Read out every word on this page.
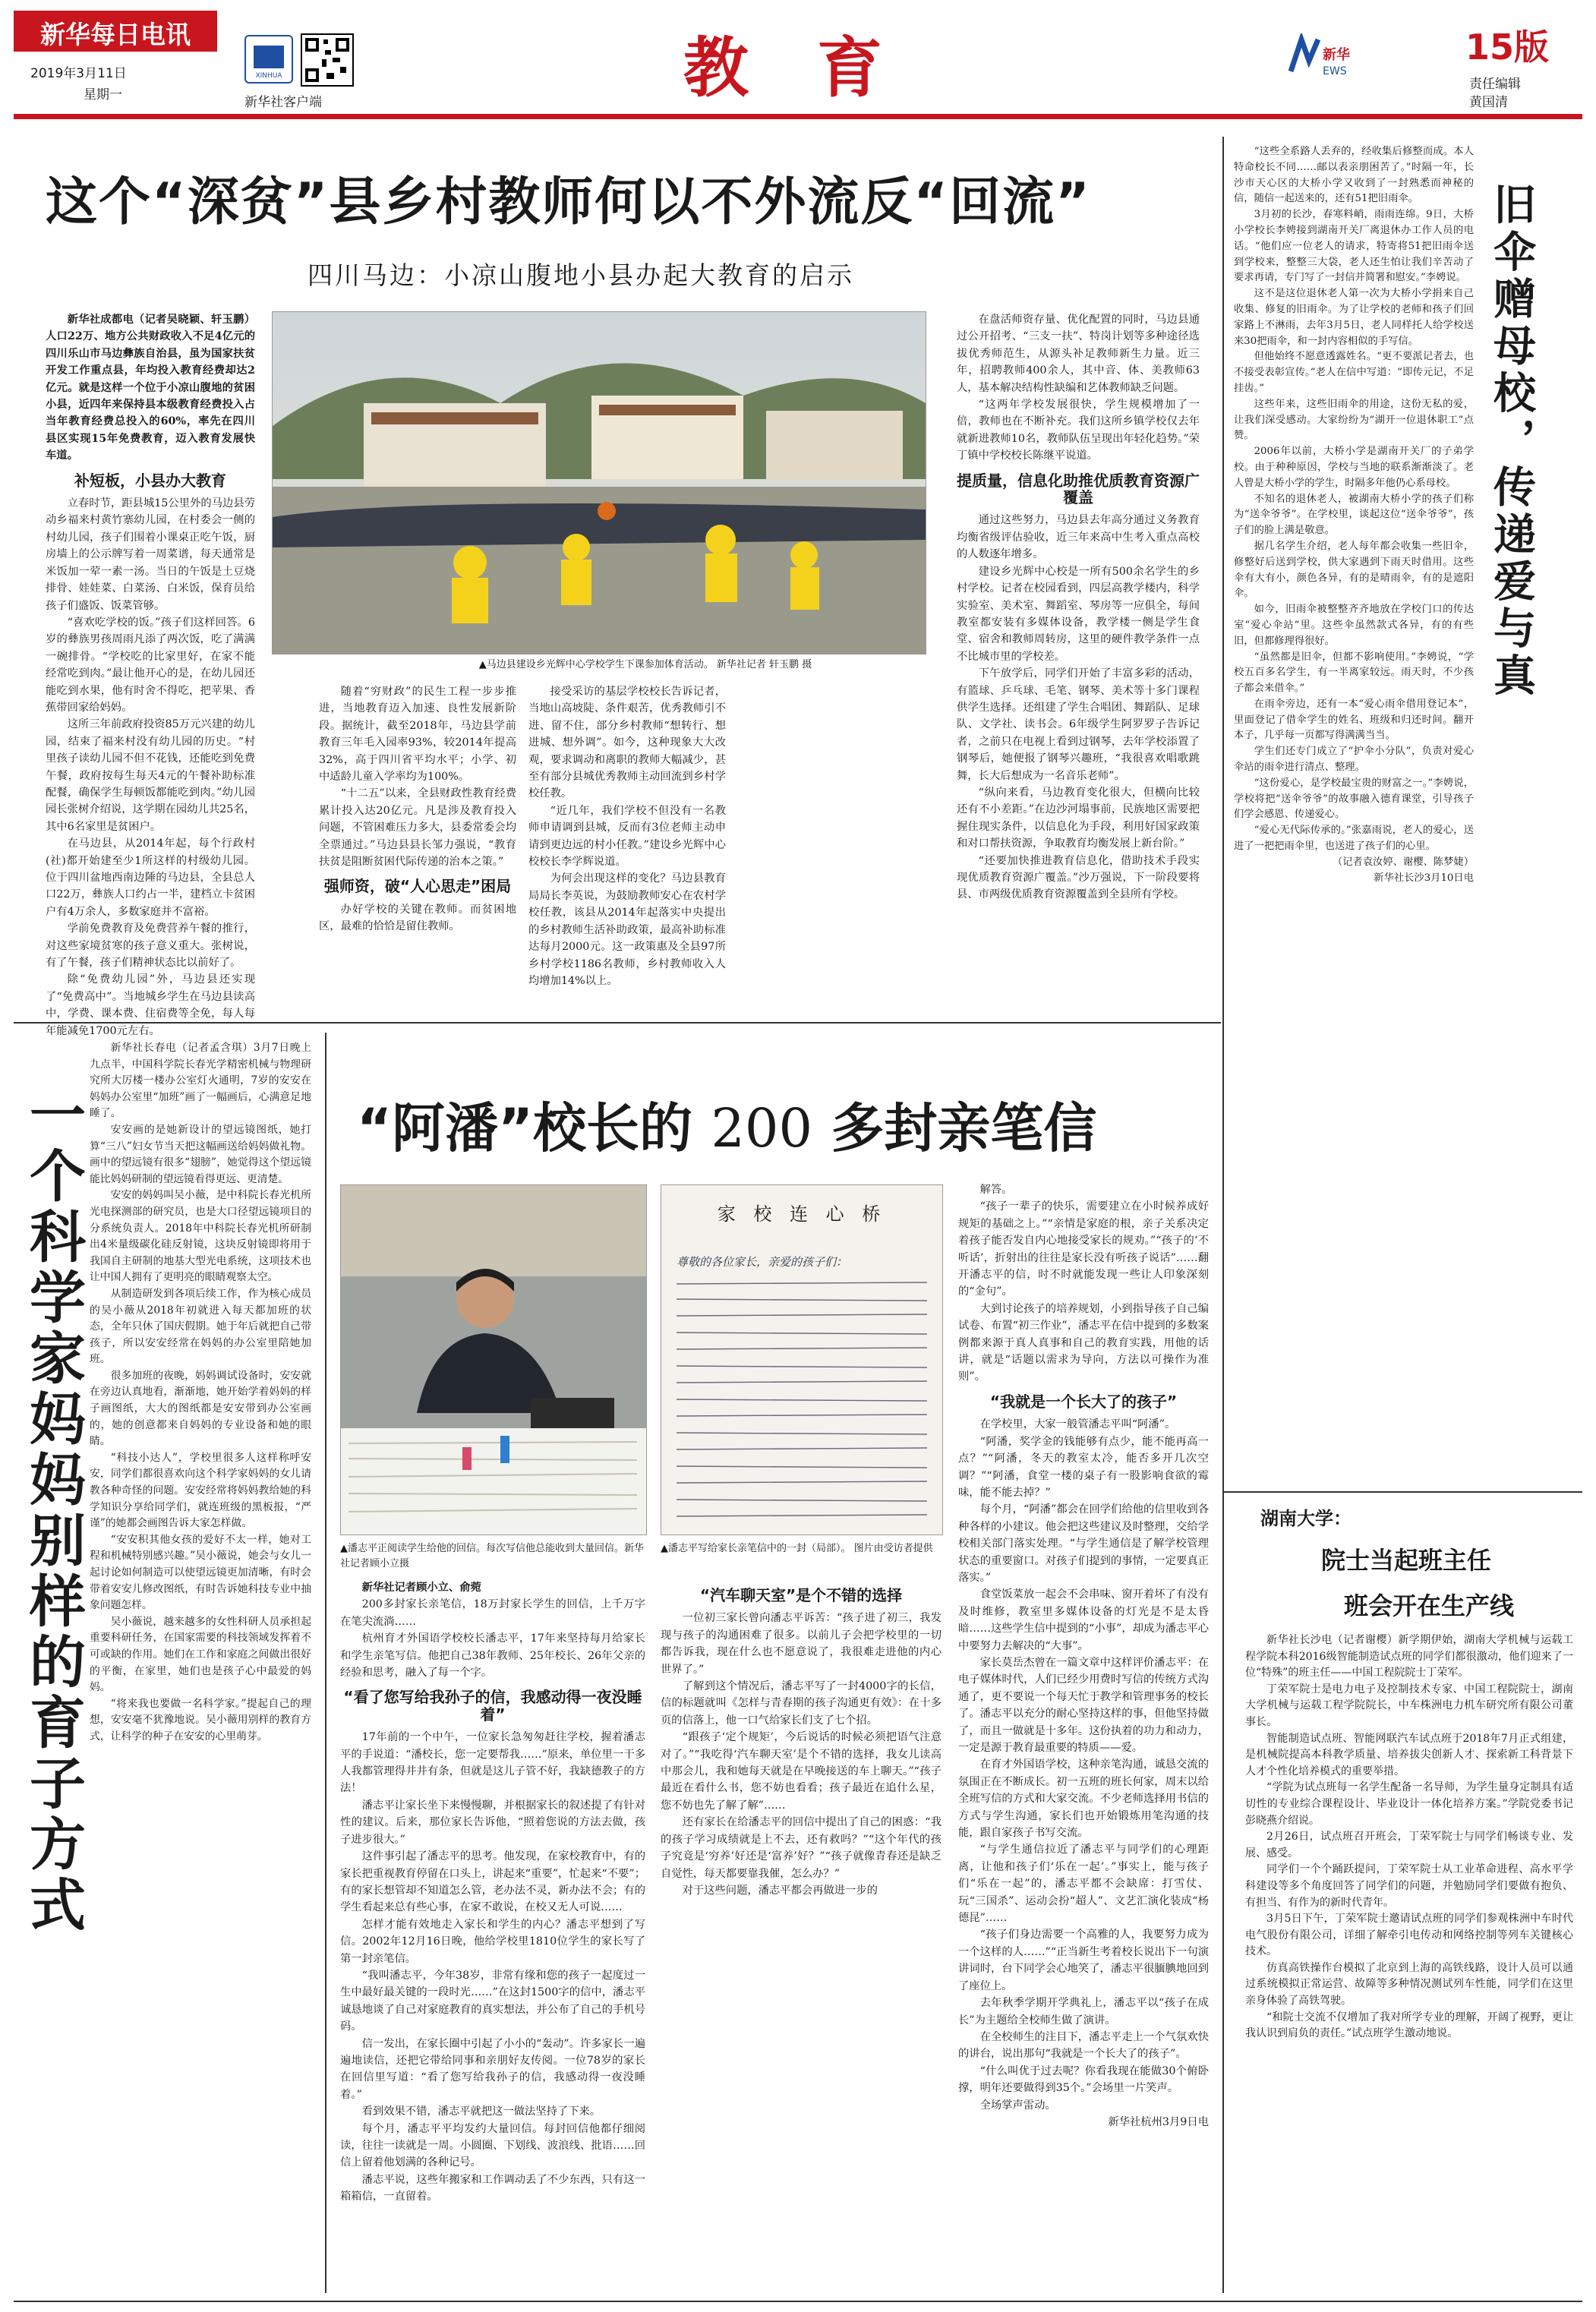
新华每日电讯
2019年3月11日
星期一
XINHUA
新华社客户端	教 育	新华
EWS
15版
责任编辑
黄国清
这个“深贫”县乡村教师何以不外流反“回流”
四川马边：小凉山腹地小县办起大教育的启示

新华社成都电（记者吴晓颖、轩玉鹏）人口22万、地方公共财政收入不足4亿元的四川乐山市马边彝族自治县，虽为国家扶贫开发工作重点县，年均投入教育经费却达2亿元。就是这样一个位于小凉山腹地的贫困小县，近四年来保持县本级教育经费投入占当年教育经费总投入的60%，率先在四川县区实现15年免费教育，迈入教育发展快车道。

补短板，小县办大教育

立春时节，距县城15公里外的马边县劳动乡福来村黄竹寨幼儿园，在村委会一侧的村幼儿园，孩子们围着小课桌正吃午饭，厨房墙上的公示牌写着一周菜谱，每天通常是米饭加一荤一素一汤。当日的午饭是土豆烧排骨、娃娃菜、白菜汤、白米饭，保育员给孩子们盛饭、饭菜管够。

“喜欢吃学校的饭。”孩子们这样回答。6岁的彝族男孩周雨凡添了两次饭，吃了满满一碗排骨。“学校吃的比家里好，在家不能经常吃到肉。”最让他开心的是，在幼儿园还能吃到水果，他有时舍不得吃，把苹果、香蕉带回家给妈妈。

这所三年前政府投资85万元兴建的幼儿园，结束了福来村没有幼儿园的历史。“村里孩子读幼儿园不但不花钱，还能吃到免费午餐，政府按每生每天4元的午餐补助标准配餐，确保学生每顿饭都能吃到肉。”幼儿园园长张树介绍说，这学期在园幼儿共25名，其中6名家里是贫困户。

在马边县，从2014年起，每个行政村(社)都开始建至少1所这样的村级幼儿园。位于四川盆地西南边陲的马边县，全县总人口22万，彝族人口约占一半，建档立卡贫困户有4万余人，多数家庭并不富裕。

学前免费教育及免费营养午餐的推行，对这些家境贫寒的孩子意义重大。张树说，有了午餐，孩子们精神状态比以前好了。

除“免费幼儿园”外，马边县还实现了“免费高中”。当地城乡学生在马边县读高中，学费、课本费、住宿费等全免，每人每年能减免1700元左右。

▲马边县建设乡光辉中心学校学生下课参加体育活动。 新华社记者 轩玉鹏 摄

随着“穷财政”的民生工程一步步推进，当地教育迈入加速、良性发展新阶段。据统计，截至2018年，马边县学前教育三年毛入园率93%，较2014年提高32%，高于四川省平均水平；小学、初中适龄儿童入学率均为100%。

“十二五”以来，全县财政性教育经费累计投入达20亿元。凡是涉及教育投入问题，不管困难压力多大，县委常委会均全票通过。”马边县县长邹力强说，“教育扶贫是阻断贫困代际传递的治本之策。”

强师资，破“人心思走”困局

办好学校的关键在教师。而贫困地区，最难的恰恰是留住教师。

接受采访的基层学校校长告诉记者，当地山高坡陡、条件艰苦，优秀教师引不进、留不住，部分乡村教师“想转行、想进城、想外调”。如今，这种现象大大改观，要求调动和离职的教师大幅减少，甚至有部分县城优秀教师主动回流到乡村学校任教。

“近几年，我们学校不但没有一名教师申请调到县城，反而有3位老师主动申请到更边远的村小任教。”建设乡光辉中心校校长李学辉说道。

为何会出现这样的变化？马边县教育局局长李英说，为鼓励教师安心在农村学校任教，该县从2014年起落实中央提出的乡村教师生活补助政策，最高补助标准达每月2000元。这一政策惠及全县97所乡村学校1186名教师，乡村教师收入人均增加14%以上。

在盘活师资存量、优化配置的同时，马边县通过公开招考、“三支一扶”、特岗计划等多种途径选拔优秀师范生，从源头补足教师新生力量。近三年，招聘教师400余人，其中音、体、美教师63人，基本解决结构性缺编和艺体教师缺乏问题。

“这两年学校发展很快，学生规模增加了一倍，教师也在不断补充。我们这所乡镇学校仅去年就新进教师10名，教师队伍呈现出年轻化趋势。”荣丁镇中学校校长陈继平说道。

提质量，信息化助推优质教育资源广覆盖

通过这些努力，马边县去年高分通过义务教育均衡省级评估验收，近三年来高中生考入重点高校的人数逐年增多。

建设乡光辉中心校是一所有500余名学生的乡村学校。记者在校园看到，四层高教学楼内，科学实验室、美术室、舞蹈室、琴房等一应俱全，每间教室都安装有多媒体设备，教学楼一侧是学生食堂、宿舍和教师周转房，这里的硬件教学条件一点不比城市里的学校差。

下午放学后，同学们开始了丰富多彩的活动，有篮球、乒乓球、毛笔、钢琴、美术等十多门课程供学生选择。还组建了学生合唱团、舞蹈队、足球队、文学社、读书会。6年级学生阿罗罗子告诉记者，之前只在电视上看到过钢琴，去年学校添置了钢琴后，她便报了钢琴兴趣班，“我很喜欢唱歌跳舞，长大后想成为一名音乐老师”。

“纵向来看，马边教育变化很大，但横向比较还有不小差距。”在边沙河塌事前，民族地区需要把握住现实条件，以信息化为手段，利用好国家政策和对口帮扶资源，争取教育均衡发展上新台阶。”

“还要加快推进教育信息化，借助技术手段实现优质教育资源广覆盖。”沙万强说，下一阶段要将县、市两级优质教育资源覆盖到全县所有学校。

旧伞赠母校，传递爱与真

“这些全系路人丢弃的，经收集后修整而成。本人特命校长不同……邮以表亲朋困苦了。”时隔一年，长沙市天心区的大桥小学又收到了一封熟悉而神秘的信，随信一起送来的，还有51把旧雨伞。

3月初的长沙，春寒料峭，雨雨连绵。9日，大桥小学校长李娉接到湖南开关厂离退休办工作人员的电话。“他们应一位老人的请求，特寄将51把旧雨伞送到学校来，整整三大袋，老人还生怕让我们辛苦动了要求再请，专门写了一封信并简署和慰安。”李娉说。

这不是这位退休老人第一次为大桥小学捐来自己收集、修复的旧雨伞。为了让学校的老师和孩子们回家路上不淋雨，去年3月5日，老人同样托人给学校送来30把雨伞，和一封内容相似的手写信。

但他始终不愿意透露姓名。“更不要派记者去，也不接受表彰宣传。”老人在信中写道：“即传元记，不足挂齿。”

这些年来，这些旧雨伞的用途，这份无私的爱，让我们深受感动。大家纷纷为“湖开一位退休职工”点赞。

2006年以前，大桥小学是湖南开关厂的子弟学校。由于种种原因，学校与当地的联系渐渐淡了。老人曾是大桥小学的学生，时隔多年他仍心系母校。

不知名的退休老人，被湖南大桥小学的孩子们称为“送伞爷爷”。在学校里，谈起这位“送伞爷爷”，孩子们的脸上满是敬意。

据几名学生介绍，老人每年都会收集一些旧伞，修整好后送到学校，供大家遇到下雨天时借用。这些伞有大有小，颜色各异，有的是晴雨伞，有的是遮阳伞。

如今，旧雨伞被整整齐齐地放在学校门口的传达室“爱心伞站”里。这些伞虽然款式各异，有的有些旧，但都修理得很好。

“虽然都是旧伞，但都不影响使用。”李娉说，“学校五百多名学生，有一半离家较远。雨天时，不少孩子都会来借伞。”

在雨伞旁边，还有一本“爱心雨伞借用登记本”，里面登记了借伞学生的姓名、班级和归还时间。翻开本子，几乎每一页都写得满满当当。

学生们还专门成立了“护伞小分队”，负责对爱心伞站的雨伞进行清点、整理。

“这份爱心，是学校最宝贵的财富之一。”李娉说，学校将把“送伞爷爷”的故事融入德育课堂，引导孩子们学会感恩、传递爱心。

“爱心无代际传承的。”张嘉雨说，老人的爱心，送进了一把把雨伞里，也送进了孩子们的心里。

（记者袁汝婷、谢樱、陈梦婕）

新华社长沙3月10日电

湖南大学：
院士当起班主任
班会开在生产线

新华社长沙电（记者谢樱）新学期伊始，湖南大学机械与运载工程学院本科2016级智能制造试点班的同学们都很激动，他们迎来了一位“特殊”的班主任——中国工程院院士丁荣军。

丁荣军院士是电力电子及控制技术专家、中国工程院院士，湖南大学机械与运载工程学院院长，中车株洲电力机车研究所有限公司董事长。

智能制造试点班、智能网联汽车试点班于2018年7月正式组建，是机械院提高本科教学质量、培养拔尖创新人才、探索新工科背景下人才个性化培养模式的重要举措。

“学院为试点班每一名学生配备一名导师，为学生量身定制具有适切性的专业综合课程设计、毕业设计一体化培养方案。”学院党委书记彭晓燕介绍说。

2月26日，试点班召开班会，丁荣军院士与同学们畅谈专业、发展、感受。

同学们一个个踊跃提问，丁荣军院士从工业革命进程、高水平学科建设等多个角度回答了同学们的问题，并勉励同学们要做有抱负、有担当、有作为的新时代青年。

3月5日下午，丁荣军院士邀请试点班的同学们参观株洲中车时代电气股份有限公司，详细了解牵引电传动和网络控制等列车关键核心技术。

仿真高铁操作台模拟了北京到上海的高铁线路，设计人员可以通过系统模拟正常运营、故障等多种情况测试列车性能，同学们在这里亲身体验了高铁驾驶。

“和院士交流不仅增加了我对所学专业的理解，开阔了视野，更让我认识到肩负的责任。”试点班学生激动地说。

一个科学家妈妈别样的育子方式

新华社长春电（记者孟含琪）3月7日晚上九点半，中国科学院长春光学精密机械与物理研究所大厉楼一楼办公室灯火通明，7岁的安安在妈妈办公室里“加班”画了一幅画后，心满意足地睡了。

安安画的是她新设计的望远镜图纸，她打算“三八”妇女节当天把这幅画送给妈妈做礼物。画中的望远镜有很多“翅膀”，她觉得这个望远镜能比妈妈研制的望远镜看得更远、更清楚。

安安的妈妈叫吴小薇，是中科院长春光机所光电探测部的研究员，也是大口径望远镜项目的分系统负责人。2018年中科院长春光机所研制出4米量级碳化硅反射镜，这块反射镜即将用于我国自主研制的地基大型光电系统，这项技术也让中国人拥有了更明亮的眼睛观察太空。

从制造研发到各项后续工作，作为核心成员的吴小薇从2018年初就进入每天都加班的状态，全年只休了国庆假期。她于年后就把自己带孩子，所以安安经常在妈妈的办公室里陪她加班。

很多加班的夜晚，妈妈调试设备时，安安就在旁边认真地看，渐渐地，她开始学着妈妈的样子画图纸，大大的图纸都是安安带到办公室画的，她的创意都来自妈妈的专业设备和她的眼睛。

“科技小达人”，学校里很多人这样称呼安安，同学们都很喜欢向这个科学家妈妈的女儿请教各种奇怪的问题。安安经常将妈妈教给她的科学知识分享给同学们，就连班级的黑板报，“严谨”的她都会画图告诉大家怎样做。

“安安积其他女孩的爱好不太一样，她对工程和机械特别感兴趣。”吴小薇说，她会与女儿一起讨论如何制造可以使望远镜更加清晰，有时会带着安安儿修改图纸，有时告诉她科技专业中抽象问题怎样。

吴小薇说，越来越多的女性科研人员承担起重要科研任务，在国家需要的科技领域发挥着不可或缺的作用。她们在工作和家庭之间做出很好的平衡，在家里，她们也是孩子心中最爱的妈妈。

“将来我也要做一名科学家。”提起自己的理想，安安毫不犹豫地说。吴小薇用别样的教育方式，让科学的种子在安安的心里萌芽。

“阿潘”校长的 200 多封亲笔信
▲潘志平正阅读学生给他的回信。每次写信他总能收到大量回信。新华社记者顾小立摄
家 校 连 心 桥
尊敬的各位家长，亲爱的孩子们：
▲潘志平写给家长亲笔信中的一封（局部）。 图片由受访者提供

新华社记者顾小立、俞菀

200多封家长亲笔信，18万封家长学生的回信，上千万字在笔尖流淌……

杭州育才外国语学校校长潘志平，17年来坚持每月给家长和学生亲笔写信。他把自己38年教师、25年校长、26年父亲的经验和思考，融入了每一个字。

“看了您写给我孙子的信，我感动得一夜没睡着”

17年前的一个中午，一位家长急匆匆赶往学校，握着潘志平的手说道：“潘校长，您一定要帮我……”原来，单位里一干多人我都管理得井井有条，但就是这儿子管不好，我缺德教子的方法！

潘志平让家长坐下来慢慢聊，并根据家长的叙述提了有针对性的建议。后来，那位家长告诉他，“照着您说的方法去做，孩子进步很大。”

这件事引起了潘志平的思考。他发现，在家校教育中，有的家长把重视教育停留在口头上，讲起来“重要”，忙起来“不要”；有的家长想管却不知道怎么管，老办法不灵，新办法不会；有的学生看起来总有些心事，在家不敢说，在校又无人可说……

怎样才能有效地走入家长和学生的内心？潘志平想到了写信。2002年12月16日晚，他给学校里1810位学生的家长写了第一封亲笔信。

“我叫潘志平，今年38岁，非常有缘和您的孩子一起度过一生中最好最关键的一段时光……”在这封1500字的信中，潘志平诚恳地谈了自己对家庭教育的真实想法，并公布了自己的手机号码。

信一发出，在家长圈中引起了小小的“轰动”。许多家长一遍遍地读信，还把它带给同事和亲朋好友传阅。一位78岁的家长在回信里写道：“看了您写给我孙子的信，我感动得一夜没睡着。”

看到效果不错，潘志平就把这一做法坚持了下来。

每个月，潘志平平均发约大量回信。每封回信他都仔细阅读，往往一读就是一周。小圆圈、下划线、波浪线、批语……回信上留着他划满的各种记号。

潘志平说，这些年搬家和工作调动丢了不少东西，只有这一箱箱信，一直留着。

“汽车聊天室”是个不错的选择

一位初三家长曾向潘志平诉苦：“孩子进了初三，我发现与孩子的沟通困难了很多。以前儿子会把学校里的一切都告诉我，现在什么也不愿意说了，我很难走进他的内心世界了。”

了解到这个情况后，潘志平写了一封4000字的长信，信的标题就叫《怎样与青春期的孩子沟通更有效》：在十多页的信落上，他一口气给家长们支了七个招。

“跟孩子‘定个规矩’，今后说话的时候必须把语气注意对了。”“我吃得‘汽车聊天室’是个不错的选择，我女儿读高中那会儿，我和她每天就是在早晚接送的车上聊天。”“孩子最近在看什么书，您不妨也看看；孩子最近在追什么星，您不妨也先了解了解”……

还有家长在给潘志平的回信中提出了自己的困惑：“我的孩子学习成绩就是上不去，还有救吗？”“这个年代的孩子究竟是‘穷养’好还是‘富养’好？”“孩子就像青春还是缺乏自觉性，每天都要靠我催，怎么办？”

对于这些问题，潘志平都会再做进一步的

解答。

“孩子一辈子的快乐，需要建立在小时候养成好规矩的基础之上。”“亲情是家庭的根，亲子关系决定着孩子能否发自内心地接受家长的规劝。”“孩子的‘不听话’，折射出的往往是家长没有听孩子说话”……翻开潘志平的信，时不时就能发现一些让人印象深刻的“金句”。

大到讨论孩子的培养规划，小到指导孩子自己编试卷、布置“初三作业”，潘志平在信中提到的多数案例都来源于真人真事和自己的教育实践，用他的话讲，就是“话题以需求为导向，方法以可操作为准则”。

“我就是一个长大了的孩子”

在学校里，大家一般管潘志平叫“阿潘”。

“阿潘，奖学金的钱能够有点少，能不能再高一点？”“阿潘，冬天的教室太冷，能否多开几次空调？”“阿潘，食堂一楼的桌子有一股影响食欲的霉味，能不能去掉？”

每个月，“阿潘”都会在回学们给他的信里收到各种各样的小建议。他会把这些建议及时整理，交给学校相关部门落实处理。“与学生通信是了解学校管理状态的重要窗口。对孩子们提到的事情，一定要真正落实。”

食堂饭菜放一起会不会串味、窗开着坏了有没有及时维修，教室里多媒体设备的灯光是不是太昏暗……这些学生信中提到的“小事”，却成为潘志平心中要努力去解决的“大事”。

家长莫岳杰曾在一篇文章中这样评价潘志平：在电子媒体时代，人们已经少用费时写信的传统方式沟通了，更不要说一个每天忙于教学和管理事务的校长了。潘志平以充分的耐心坚持这样的事，但他坚持做了，而且一做就是十多年。这份执着的功力和动力，一定是源于教育最重要的特质——爱。

在育才外国语学校，这种亲笔沟通，诚恳交流的氛围正在不断成长。初一五班的班长何家，周末以给全班写信的方式和大家交流。不少老师选择用书信的方式与学生沟通，家长们也开始锻炼用笔沟通的技能，跟自家孩子书写交流。

“与学生通信拉近了潘志平与同学们的心理距离，让他和孩子们‘乐在一起’。”事实上，能与孩子们“乐在一起”的，潘志平都不会缺席：打雪仗、玩“三国杀”、运动会扮“超人”、文艺汇演化装成“杨德昆”……

“孩子们身边需要一个高雅的人，我要努力成为一个这样的人……”“正当新生考着校长说出下一句演讲词时，台下同学会心地笑了，潘志平很腼腆地回到了座位上。

去年秋季学期开学典礼上，潘志平以“孩子在成长”为主题给全校师生做了演讲。

在全校师生的注目下，潘志平走上一个气氛欢快的讲台，说出那句“我就是一个长大了的孩子”。

“什么叫优于过去呢？你看我现在能做30个俯卧撑，明年还要做得到35个。”会场里一片笑声。

全场掌声雷动。

新华社杭州3月9日电
